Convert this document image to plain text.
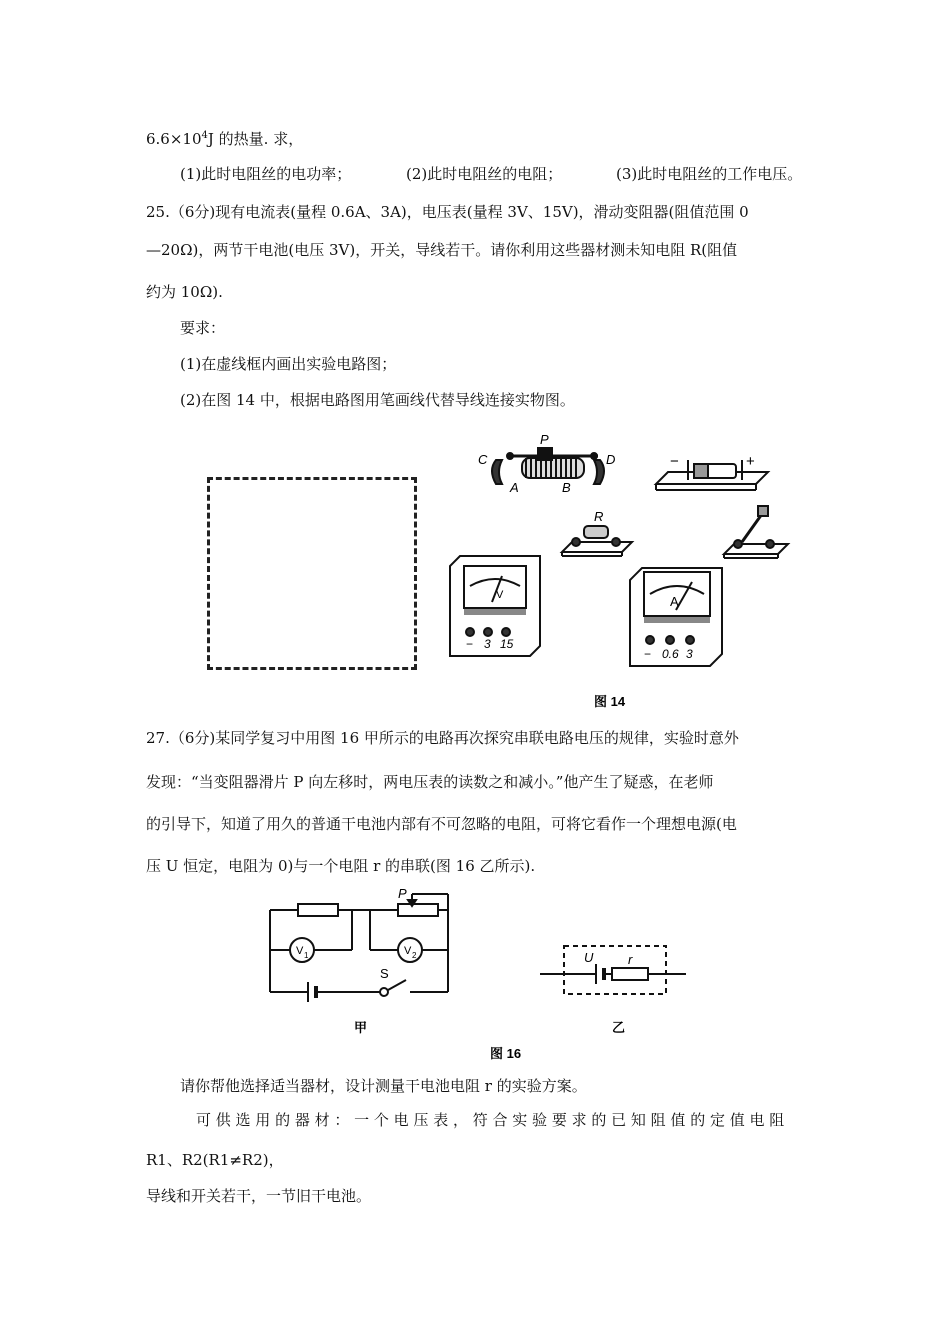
$6.6\times 10^4J$ 的热量. 求，
(1)此时电阻丝的电功率；	(2)此时电阻丝的电阻；	(3)此时电阻丝的工作电压。
25.（6分)现有电流表(量程 0.6A、3A)，电压表(量程 3V、15V)，滑动变阻器(阻值范围 0
—20Ω)，两节干电池(电压 3V)，开关，导线若干。请你利用这些器材测未知电阻 R(阻值
约为 10Ω).
要求：
(1)在虚线框内画出实验电路图；
(2)在图 14 中，根据电路图用笔画线代替导线连接实物图。
C
P
D
A	B
−	+
R
V
− 3 15
A
− 0.6 3
图 14
27.（6分)某同学复习中用图 16 甲所示的电路再次探究串联电路电压的规律，实验时意外
发现：“当变阻器滑片 P 向左移时，两电压表的读数之和减小。”他产生了疑惑，在老师
的引导下，知道了用久的普通干电池内部有不可忽略的电阻，可将它看作一个理想电源(电
压 U 恒定，电阻为 0)与一个电阻 r 的串联(图 16 乙所示).
P
V 1	V 2
S
甲
U	r
乙
图 16
请你帮他选择适当器材，设计测量干电池电阻 r 的实验方案。
可 供 选 用 的 器 材 ： 一 个 电 压 表 ， 符 合 实 验 要 求 的 已 知 阻 值 的 定 值 电 阻
R1、R2(R1≠R2)，
导线和开关若干，一节旧干电池。
